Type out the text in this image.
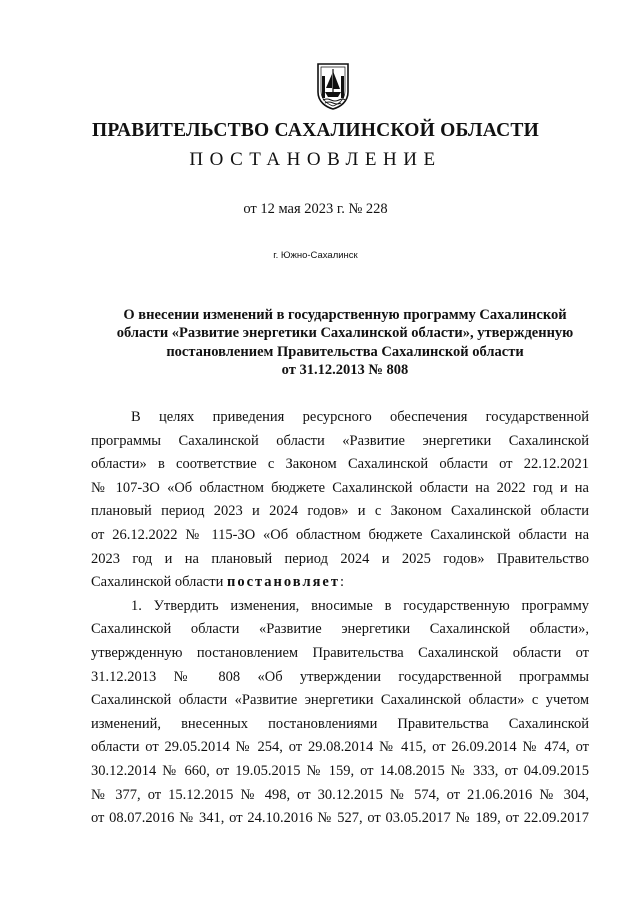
ПРАВИТЕЛЬСТВО САХАЛИНСКОЙ ОБЛАСТИ
ПОСТАНОВЛЕНИЕ
от 12 мая 2023 г. № 228
г. Южно-Сахалинск
О внесении изменений в государственную программу Сахалинской
области «Развитие энергетики Сахалинской области», утвержденную
постановлением Правительства Сахалинской области
от 31.12.2013 № 808
В целях приведения ресурсного обеспечения государственной
программы Сахалинской области «Развитие энергетики Сахалинской
области» в соответствие с Законом Сахалинской области от 22.12.2021
№ 107-ЗО «Об областном бюджете Сахалинской области на 2022 год и на
плановый период 2023 и 2024 годов» и с Законом Сахалинской области
от 26.12.2022 № 115-ЗО «Об областном бюджете Сахалинской области на
2023 год и на плановый период 2024 и 2025 годов» Правительство
Сахалинской области постановляет:
1. Утвердить изменения, вносимые в государственную программу
Сахалинской области «Развитие энергетики Сахалинской области»,
утвержденную постановлением Правительства Сахалинской области от
31.12.2013 № 808 «Об утверждении государственной программы
Сахалинской области «Развитие энергетики Сахалинской области» с учетом
изменений, внесенных постановлениями Правительства Сахалинской
области от 29.05.2014 № 254, от 29.08.2014 № 415, от 26.09.2014 № 474, от
30.12.2014 № 660, от 19.05.2015 № 159, от 14.08.2015 № 333, от 04.09.2015
№ 377, от 15.12.2015 № 498, от 30.12.2015 № 574, от 21.06.2016 № 304,
от 08.07.2016 № 341, от 24.10.2016 № 527, от 03.05.2017 № 189, от 22.09.2017
